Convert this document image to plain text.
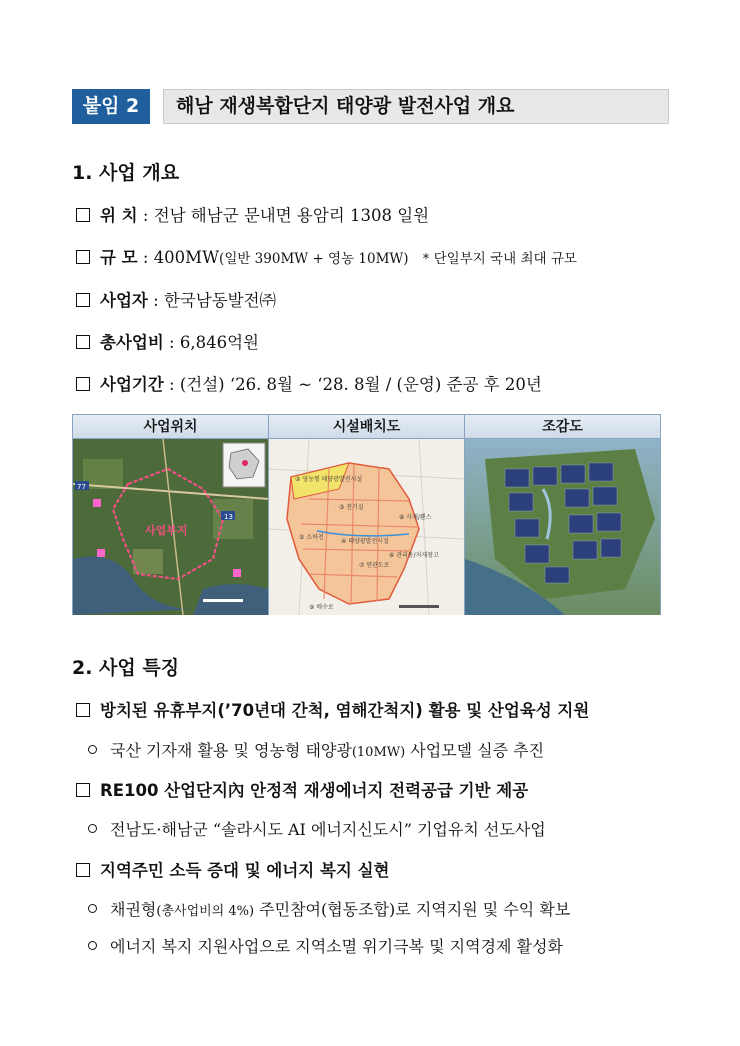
붙임 2	해남 재생복합단지 태양광 발전사업 개요
1. 사업 개요
위 치 : 전남 해남군 문내면 용암리 1308 일원
규 모 : 400MW(일반 390MW + 영농 10MW) * 단일부지 국내 최대 규모
사업자 : 한국남동발전㈜
총사업비 : 6,846억원
사업기간 : (건설) ‘26. 8월 ~ ‘28. 8월 / (운영) 준공 후 20년
사업위치	시설배치도	조감도
사업부지
77
13
② 영농형 태양광발전시설
③ 전기실
④ 태양광발전시설
⑤ 소하천
⑥ 관리동/자재창고
⑦ 연관도로
⑧ 사재/휀스
⑨ 배수로
2. 사업 특징
방치된 유휴부지(’70년대 간척, 염해간척지) 활용 및 산업육성 지원
국산 기자재 활용 및 영농형 태양광(10MW) 사업모델 실증 추진
RE100 산업단지內 안정적 재생에너지 전력공급 기반 제공
전남도·해남군 “솔라시도 AI 에너지신도시” 기업유치 선도사업
지역주민 소득 증대 및 에너지 복지 실현
채권형(총사업비의 4%) 주민참여(협동조합)로 지역지원 및 수익 확보
에너지 복지 지원사업으로 지역소멸 위기극복 및 지역경제 활성화
